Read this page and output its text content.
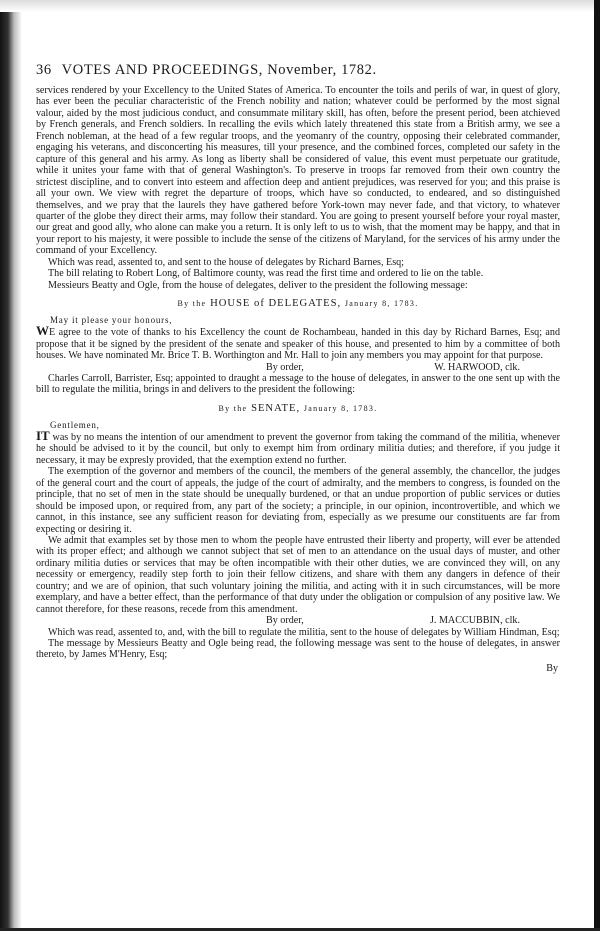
36 VOTES AND PROCEEDINGS, November, 1782.

services rendered by your Excellency to the United States of America. To encounter the toils and perils of war, in quest of glory, has ever been the peculiar characteristic of the French nobility and nation; whatever could be performed by the most signal valour, aided by the most judicious conduct, and consummate military skill, has often, before the present period, been atchieved by French generals, and French soldiers. In recalling the evils which lately threatened this state from a British army, we see a French nobleman, at the head of a few regular troops, and the yeomanry of the country, opposing their celebrated commander, engaging his veterans, and disconcerting his measures, till your presence, and the combined forces, completed our safety in the capture of this general and his army. As long as liberty shall be considered of value, this event must perpetuate our gratitude, while it unites your fame with that of general Washington's. To preserve in troops far removed from their own country the strictest discipline, and to convert into esteem and affection deep and antient prejudices, was reserved for you; and this praise is all your own. We view with regret the departure of troops, which have so conducted, to endeared, and so distinguished themselves, and we pray that the laurels they have gathered before York-town may never fade, and that victory, to whatever quarter of the globe they direct their arms, may follow their standard. You are going to present yourself before your royal master, our great and good ally, who alone can make you a return. It is only left to us to wish, that the moment may be happy, and that in your report to his majesty, it were possible to include the sense of the citizens of Maryland, for the services of his army under the command of your Excellency.

Which was read, assented to, and sent to the house of delegates by Richard Barnes, Esq;

The bill relating to Robert Long, of Baltimore county, was read the first time and ordered to lie on the table.

Messieurs Beatty and Ogle, from the house of delegates, deliver to the president the following message:

By the HOUSE of DELEGATES, January 8, 1783.
May it please your honours,

WE agree to the vote of thanks to his Excellency the count de Rochambeau, handed in this day by Richard Barnes, Esq; and propose that it be signed by the president of the senate and speaker of this house, and presented to him by a committee of both houses. We have nominated Mr. Brice T. B. Worthington and Mr. Hall to join any members you may appoint for that purpose.

By order,	W. HARWOOD, clk.

Charles Carroll, Barrister, Esq; appointed to draught a message to the house of delegates, in answer to the one sent up with the bill to regulate the militia, brings in and delivers to the president the following:

By the SENATE, January 8, 1783.
Gentlemen,

IT was by no means the intention of our amendment to prevent the governor from taking the command of the militia, whenever he should be advised to it by the council, but only to exempt him from ordinary militia duties; and therefore, if you judge it necessary, it may be expresly provided, that the exemption extend no further.

The exemption of the governor and members of the council, the members of the general assembly, the chancellor, the judges of the general court and the court of appeals, the judge of the court of admiralty, and the members to congress, is founded on the principle, that no set of men in the state should be unequally burdened, or that an undue proportion of public services or duties should be imposed upon, or required from, any part of the society; a principle, in our opinion, incontrovertible, and which we cannot, in this instance, see any sufficient reason for deviating from, especially as we presume our constituents are far from expecting or desiring it.

We admit that examples set by those men to whom the people have entrusted their liberty and property, will ever be attended with its proper effect; and although we cannot subject that set of men to an attendance on the usual days of muster, and other ordinary militia duties or services that may be often incompatible with their other duties, we are convinced they will, on any necessity or emergency, readily step forth to join their fellow citizens, and share with them any dangers in defence of their country; and we are of opinion, that such voluntary joining the militia, and acting with it in such circumstances, will be more exemplary, and have a better effect, than the performance of that duty under the obligation or compulsion of any positive law. We cannot therefore, for these reasons, recede from this amendment.

By order,	J. MACCUBBIN, clk.

Which was read, assented to, and, with the bill to regulate the militia, sent to the house of delegates by William Hindman, Esq;

The message by Messieurs Beatty and Ogle being read, the following message was sent to the house of delegates, in answer thereto, by James M'Henry, Esq;

By
